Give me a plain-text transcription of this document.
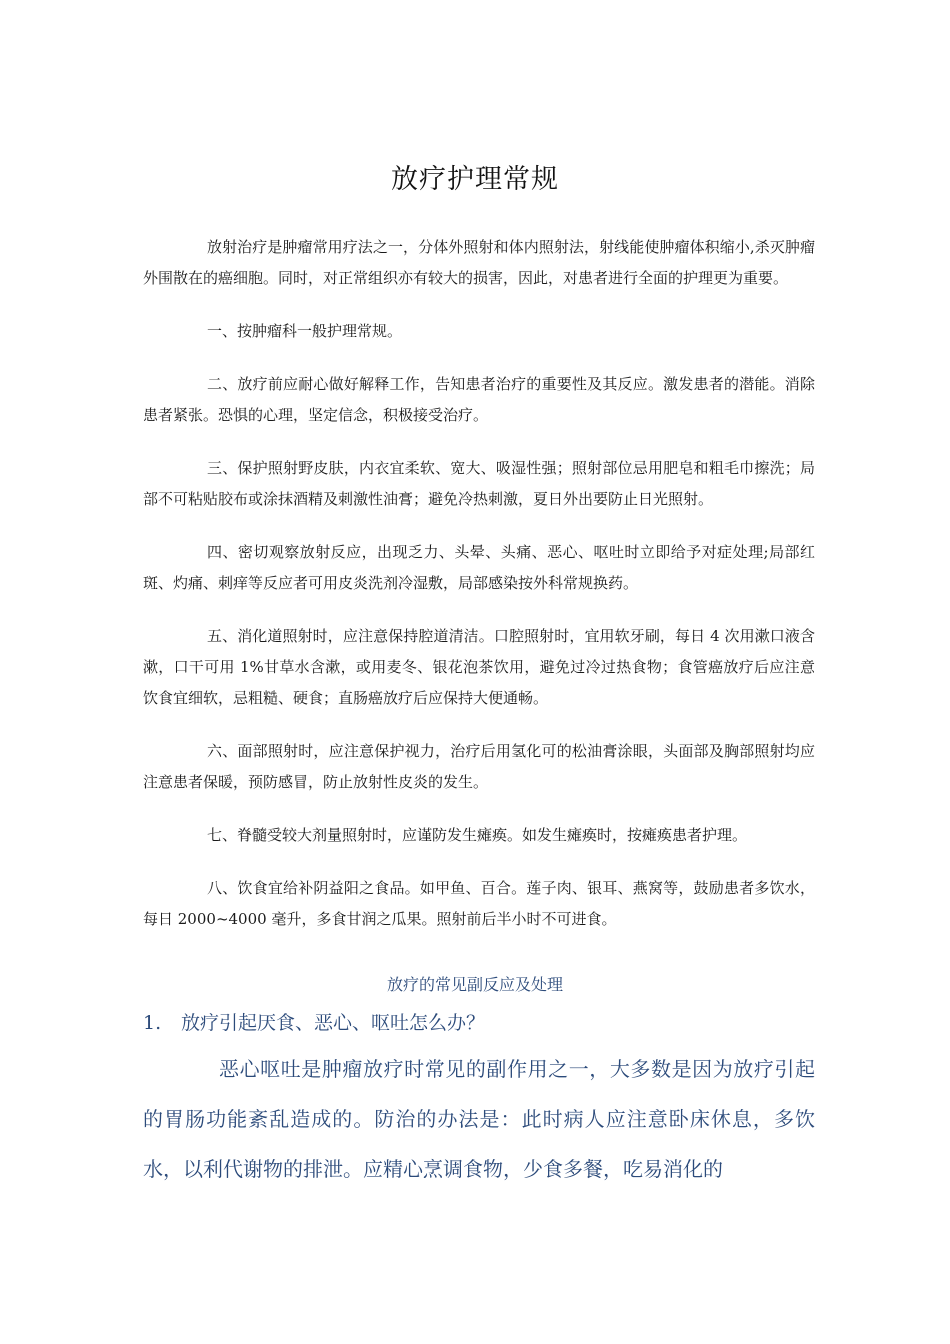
放疗护理常规

放射治疗是肿瘤常用疗法之一，分体外照射和体内照射法，射线能使肿瘤体积缩小,杀灭肿瘤外围散在的癌细胞。同时，对正常组织亦有较大的损害，因此，对患者进行全面的护理更为重要。

一、按肿瘤科一般护理常规。

二、放疗前应耐心做好解释工作，告知患者治疗的重要性及其反应。激发患者的潜能。消除患者紧张。恐惧的心理，坚定信念，积极接受治疗。

三、保护照射野皮肤，内衣宜柔软、宽大、吸湿性强；照射部位忌用肥皂和粗毛巾擦洗；局部不可粘贴胶布或涂抹酒精及刺激性油膏；避免冷热刺激，夏日外出要防止日光照射。

四、密切观察放射反应，出现乏力、头晕、头痛、恶心、呕吐时立即给予对症处理;局部红斑、灼痛、刺痒等反应者可用皮炎洗剂冷湿敷，局部感染按外科常规换药。

五、消化道照射时，应注意保持腔道清洁。口腔照射时，宜用软牙刷，每日 4 次用漱口液含漱，口干可用 1%甘草水含漱，或用麦冬、银花泡茶饮用，避免过冷过热食物；食管癌放疗后应注意饮食宜细软，忌粗糙、硬食；直肠癌放疗后应保持大便通畅。

六、面部照射时，应注意保护视力，治疗后用氢化可的松油膏涂眼，头面部及胸部照射均应注意患者保暖，预防感冒，防止放射性皮炎的发生。

七、脊髓受较大剂量照射时，应谨防发生瘫痪。如发生瘫痪时，按瘫痪患者护理。

八、饮食宜给补阴益阳之食品。如甲鱼、百合。莲子肉、银耳、燕窝等，鼓励患者多饮水，每日 2000~4000 毫升，多食甘润之瓜果。照射前后半小时不可进食。

放疗的常见副反应及处理
1. 放疗引起厌食、恶心、呕吐怎么办？

恶心呕吐是肿瘤放疗时常见的副作用之一，大多数是因为放疗引起的胃肠功能紊乱造成的。防治的办法是：此时病人应注意卧床休息，多饮水，以利代谢物的排泄。应精心烹调食物，少食多餐，吃易消化的
